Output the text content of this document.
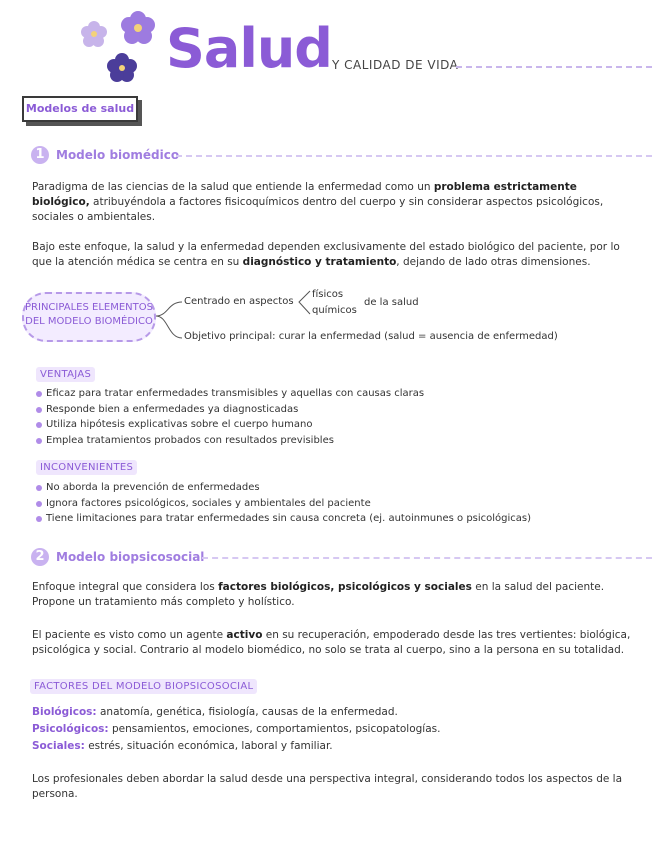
Salud Y CALIDAD DE VIDA
Modelos de salud
1 Modelo biomédico
Paradigma de las ciencias de la salud que entiende la enfermedad como un problema estrictamente biológico, atribuyéndola a factores fisicoquímicos dentro del cuerpo y sin considerar aspectos psicológicos, sociales o ambientales.
Bajo este enfoque, la salud y la enfermedad dependen exclusivamente del estado biológico del paciente, por lo que la atención médica se centra en su diagnóstico y tratamiento, dejando de lado otras dimensiones.
PRINCIPALES ELEMENTOS
DEL MODELO BIOMÉDICO
Centrado en aspectos
físicos
químicos
de la salud
Objetivo principal: curar la enfermedad (salud = ausencia de enfermedad)
VENTAJAS
Eficaz para tratar enfermedades transmisibles y aquellas con causas claras
Responde bien a enfermedades ya diagnosticadas
Utiliza hipótesis explicativas sobre el cuerpo humano
Emplea tratamientos probados con resultados previsibles
INCONVENIENTES
No aborda la prevención de enfermedades
Ignora factores psicológicos, sociales y ambientales del paciente
Tiene limitaciones para tratar enfermedades sin causa concreta (ej. autoinmunes o psicológicas)
2 Modelo biopsicosocial
Enfoque integral que considera los factores biológicos, psicológicos y sociales en la salud del paciente. Propone un tratamiento más completo y holístico.
El paciente es visto como un agente activo en su recuperación, empoderado desde las tres vertientes: biológica, psicológica y social. Contrario al modelo biomédico, no solo se trata al cuerpo, sino a la persona en su totalidad.
FACTORES DEL MODELO BIOPSICOSOCIAL
Biológicos: anatomía, genética, fisiología, causas de la enfermedad.
Psicológicos: pensamientos, emociones, comportamientos, psicopatologías.
Sociales: estrés, situación económica, laboral y familiar.
Los profesionales deben abordar la salud desde una perspectiva integral, considerando todos los aspectos de la persona.
